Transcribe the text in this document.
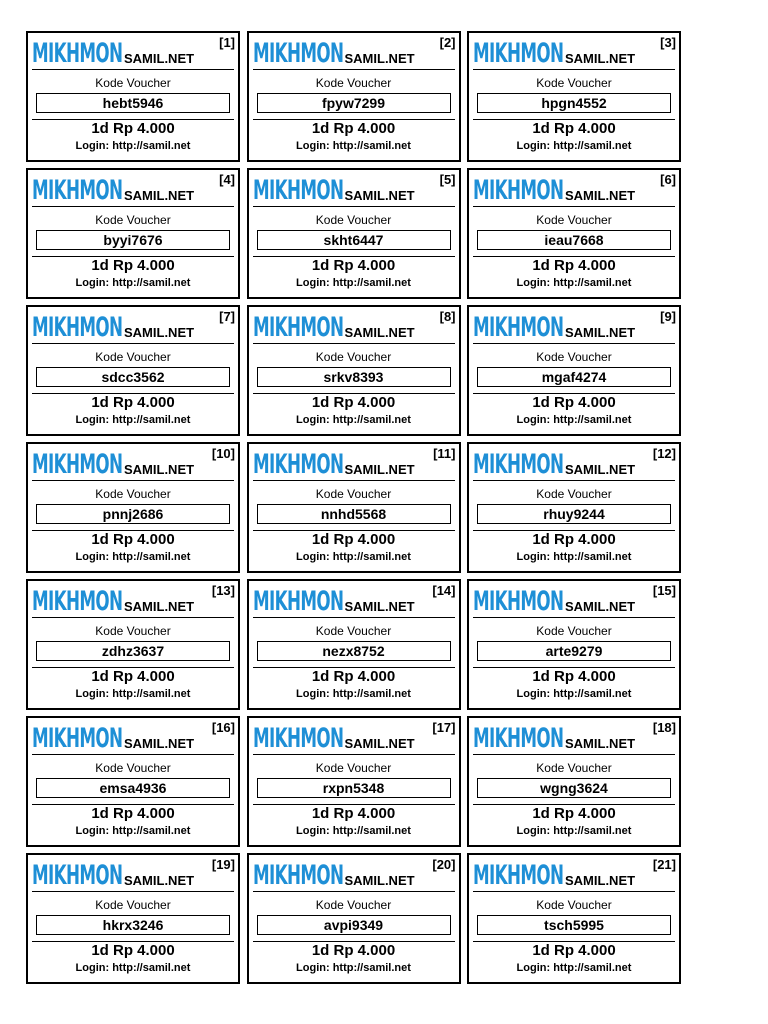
MIKHMON SAMIL.NET
[1]
Kode Voucher
hebt5946
1d Rp 4.000
Login: http://samil.net
MIKHMON SAMIL.NET
[2]
Kode Voucher
fpyw7299
1d Rp 4.000
Login: http://samil.net
MIKHMON SAMIL.NET
[3]
Kode Voucher
hpgn4552
1d Rp 4.000
Login: http://samil.net
MIKHMON SAMIL.NET
[4]
Kode Voucher
byyi7676
1d Rp 4.000
Login: http://samil.net
MIKHMON SAMIL.NET
[5]
Kode Voucher
skht6447
1d Rp 4.000
Login: http://samil.net
MIKHMON SAMIL.NET
[6]
Kode Voucher
ieau7668
1d Rp 4.000
Login: http://samil.net
MIKHMON SAMIL.NET
[7]
Kode Voucher
sdcc3562
1d Rp 4.000
Login: http://samil.net
MIKHMON SAMIL.NET
[8]
Kode Voucher
srkv8393
1d Rp 4.000
Login: http://samil.net
MIKHMON SAMIL.NET
[9]
Kode Voucher
mgaf4274
1d Rp 4.000
Login: http://samil.net
MIKHMON SAMIL.NET
[10]
Kode Voucher
pnnj2686
1d Rp 4.000
Login: http://samil.net
MIKHMON SAMIL.NET
[11]
Kode Voucher
nnhd5568
1d Rp 4.000
Login: http://samil.net
MIKHMON SAMIL.NET
[12]
Kode Voucher
rhuy9244
1d Rp 4.000
Login: http://samil.net
MIKHMON SAMIL.NET
[13]
Kode Voucher
zdhz3637
1d Rp 4.000
Login: http://samil.net
MIKHMON SAMIL.NET
[14]
Kode Voucher
nezx8752
1d Rp 4.000
Login: http://samil.net
MIKHMON SAMIL.NET
[15]
Kode Voucher
arte9279
1d Rp 4.000
Login: http://samil.net
MIKHMON SAMIL.NET
[16]
Kode Voucher
emsa4936
1d Rp 4.000
Login: http://samil.net
MIKHMON SAMIL.NET
[17]
Kode Voucher
rxpn5348
1d Rp 4.000
Login: http://samil.net
MIKHMON SAMIL.NET
[18]
Kode Voucher
wgng3624
1d Rp 4.000
Login: http://samil.net
MIKHMON SAMIL.NET
[19]
Kode Voucher
hkrx3246
1d Rp 4.000
Login: http://samil.net
MIKHMON SAMIL.NET
[20]
Kode Voucher
avpi9349
1d Rp 4.000
Login: http://samil.net
MIKHMON SAMIL.NET
[21]
Kode Voucher
tsch5995
1d Rp 4.000
Login: http://samil.net
